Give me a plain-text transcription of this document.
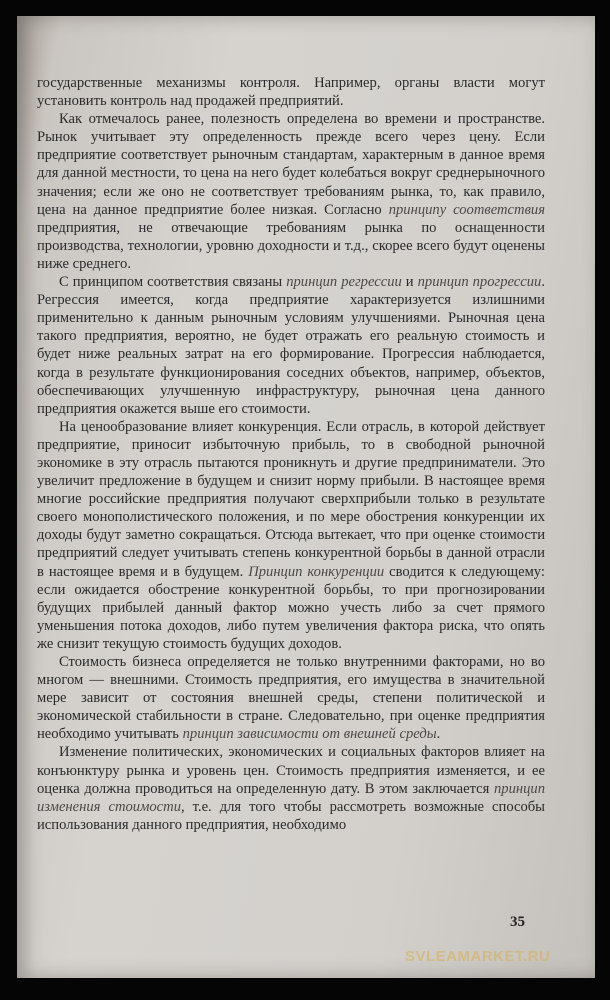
государственные механизмы контроля. Например, органы власти могут установить контроль над продажей предприятий.

Как отмечалось ранее, полезность определена во времени и пространстве. Рынок учитывает эту определенность прежде всего через цену. Если предприятие соответствует рыночным стандартам, характерным в данное время для данной местности, то цена на него будет колебаться вокруг среднерыночного значения; если же оно не соответствует требованиям рынка, то, как правило, цена на данное предприятие более низкая. Согласно принципу соответствия предприятия, не отвечающие требованиям рынка по оснащенности производства, технологии, уровню доходности и т.д., скорее всего будут оценены ниже среднего.

С принципом соответствия связаны принцип регрессии и принцип прогрессии. Регрессия имеется, когда предприятие характеризуется излишними применительно к данным рыночным условиям улучшениями. Рыночная цена такого предприятия, вероятно, не будет отражать его реальную стоимость и будет ниже реальных затрат на его формирование. Прогрессия наблюдается, когда в результате функционирования соседних объектов, например, объектов, обеспечивающих улучшенную инфраструктуру, рыночная цена данного предприятия окажется выше его стоимости.

На ценообразование влияет конкуренция. Если отрасль, в которой действует предприятие, приносит избыточную прибыль, то в свободной рыночной экономике в эту отрасль пытаются проникнуть и другие предприниматели. Это увеличит предложение в будущем и снизит норму прибыли. В настоящее время многие российские предприятия получают сверхприбыли только в результате своего монополистического положения, и по мере обострения конкуренции их доходы будут заметно сокращаться. Отсюда вытекает, что при оценке стоимости предприятий следует учитывать степень конкурентной борьбы в данной отрасли в настоящее время и в будущем. Принцип конкуренции сводится к следующему: если ожидается обострение конкурентной борьбы, то при прогнозировании будущих прибылей данный фактор можно учесть либо за счет прямого уменьшения потока доходов, либо путем увеличения фактора риска, что опять же снизит текущую стоимость будущих доходов.

Стоимость бизнеса определяется не только внутренними факторами, но во многом — внешними. Стоимость предприятия, его имущества в значительной мере зависит от состояния внешней среды, степени политической и экономической стабильности в стране. Следовательно, при оценке предприятия необходимо учитывать принцип зависимости от внешней среды.

Изменение политических, экономических и социальных факторов влияет на конъюнктуру рынка и уровень цен. Стоимость предприятия изменяется, и ее оценка должна проводиться на определенную дату. В этом заключается принцип изменения стоимости, т.е. для того чтобы рассмотреть возможные способы использования данного предприятия, необходимо

35
SVLEAMARKET.RU
